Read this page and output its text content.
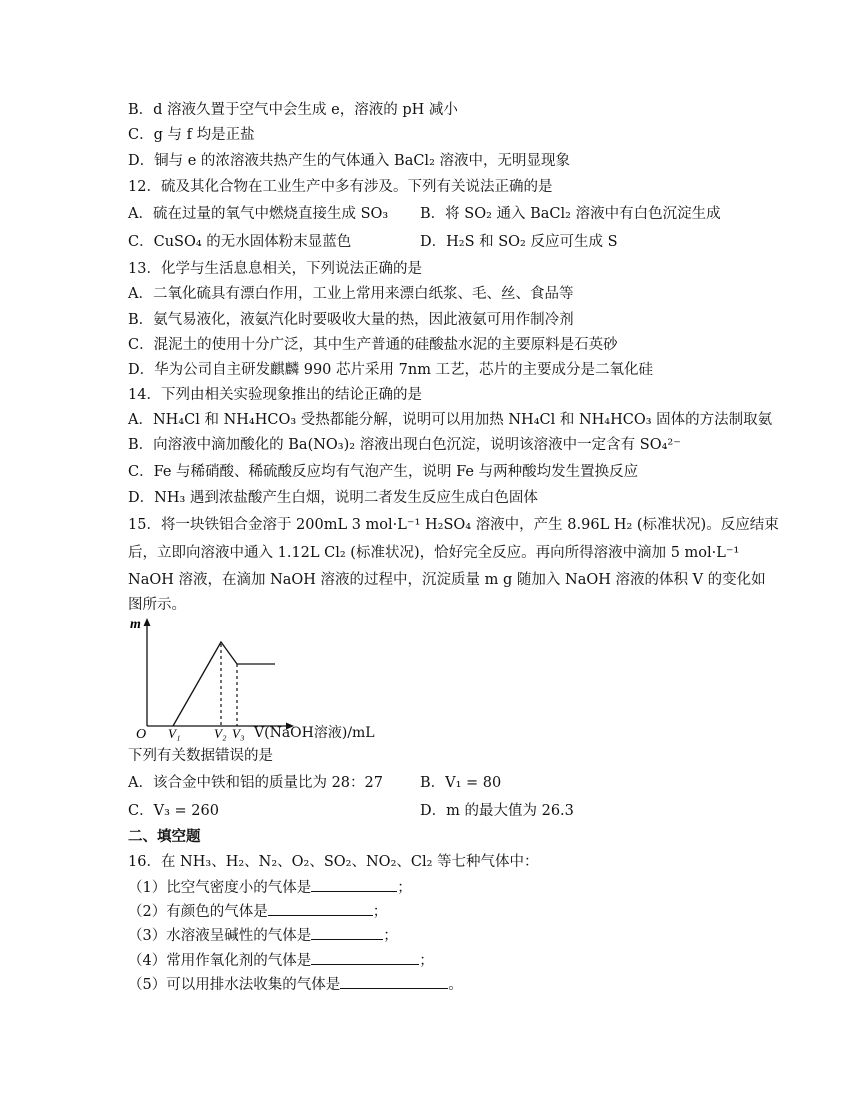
B．d 溶液久置于空气中会生成 e，溶液的 pH 减小
C．g 与 f 均是正盐
D．铜与 e 的浓溶液共热产生的气体通入 BaCl₂ 溶液中，无明显现象
12．硫及其化合物在工业生产中多有涉及。下列有关说法正确的是
A．硫在过量的氧气中燃烧直接生成 SO₃ B．将 SO₂ 通入 BaCl₂ 溶液中有白色沉淀生成
C．CuSO₄ 的无水固体粉末显蓝色	D．H₂S 和 SO₂ 反应可生成 S
13．化学与生活息息相关，下列说法正确的是
A．二氧化硫具有漂白作用，工业上常用来漂白纸浆、毛、丝、食品等
B．氨气易液化，液氨汽化时要吸收大量的热，因此液氨可用作制冷剂
C．混泥土的使用十分广泛，其中生产普通的硅酸盐水泥的主要原料是石英砂
D．华为公司自主研发麒麟 990 芯片采用 7nm 工艺，芯片的主要成分是二氧化硅
14．下列由相关实验现象推出的结论正确的是
A．NH₄Cl 和 NH₄HCO₃ 受热都能分解，说明可以用加热 NH₄Cl 和 NH₄HCO₃ 固体的方法制取氨
B．向溶液中滴加酸化的 Ba(NO₃)₂ 溶液出现白色沉淀，说明该溶液中一定含有 SO₄²⁻
C．Fe 与稀硝酸、稀硫酸反应均有气泡产生，说明 Fe 与两种酸均发生置换反应
D．NH₃ 遇到浓盐酸产生白烟，说明二者发生反应生成白色固体
15．将一块铁铝合金溶于 200mL 3 mol·L⁻¹ H₂SO₄ 溶液中，产生 8.96L H₂ (标准状况)。反应结束
后，立即向溶液中通入 1.12L Cl₂ (标准状况)，恰好完全反应。再向所得溶液中滴加 5 mol·L⁻¹
NaOH 溶液，在滴加 NaOH 溶液的过程中，沉淀质量 m g 随加入 NaOH 溶液的体积 V 的变化如
图所示。
m
O V₁	V₂ V₃ V(NaOH溶液)/mL
下列有关数据错误的是
A．该合金中铁和铝的质量比为 28：27	B．V₁ = 80
C．V₃ = 260	D．m 的最大值为 26.3
二、填空题
16．在 NH₃、H₂、N₂、O₂、SO₂、NO₂、Cl₂ 等七种气体中：
（1）比空气密度小的气体是	；
（2）有颜色的气体是	；
（3）水溶液呈碱性的气体是	；
（4）常用作氧化剂的气体是	；
（5）可以用排水法收集的气体是	。
